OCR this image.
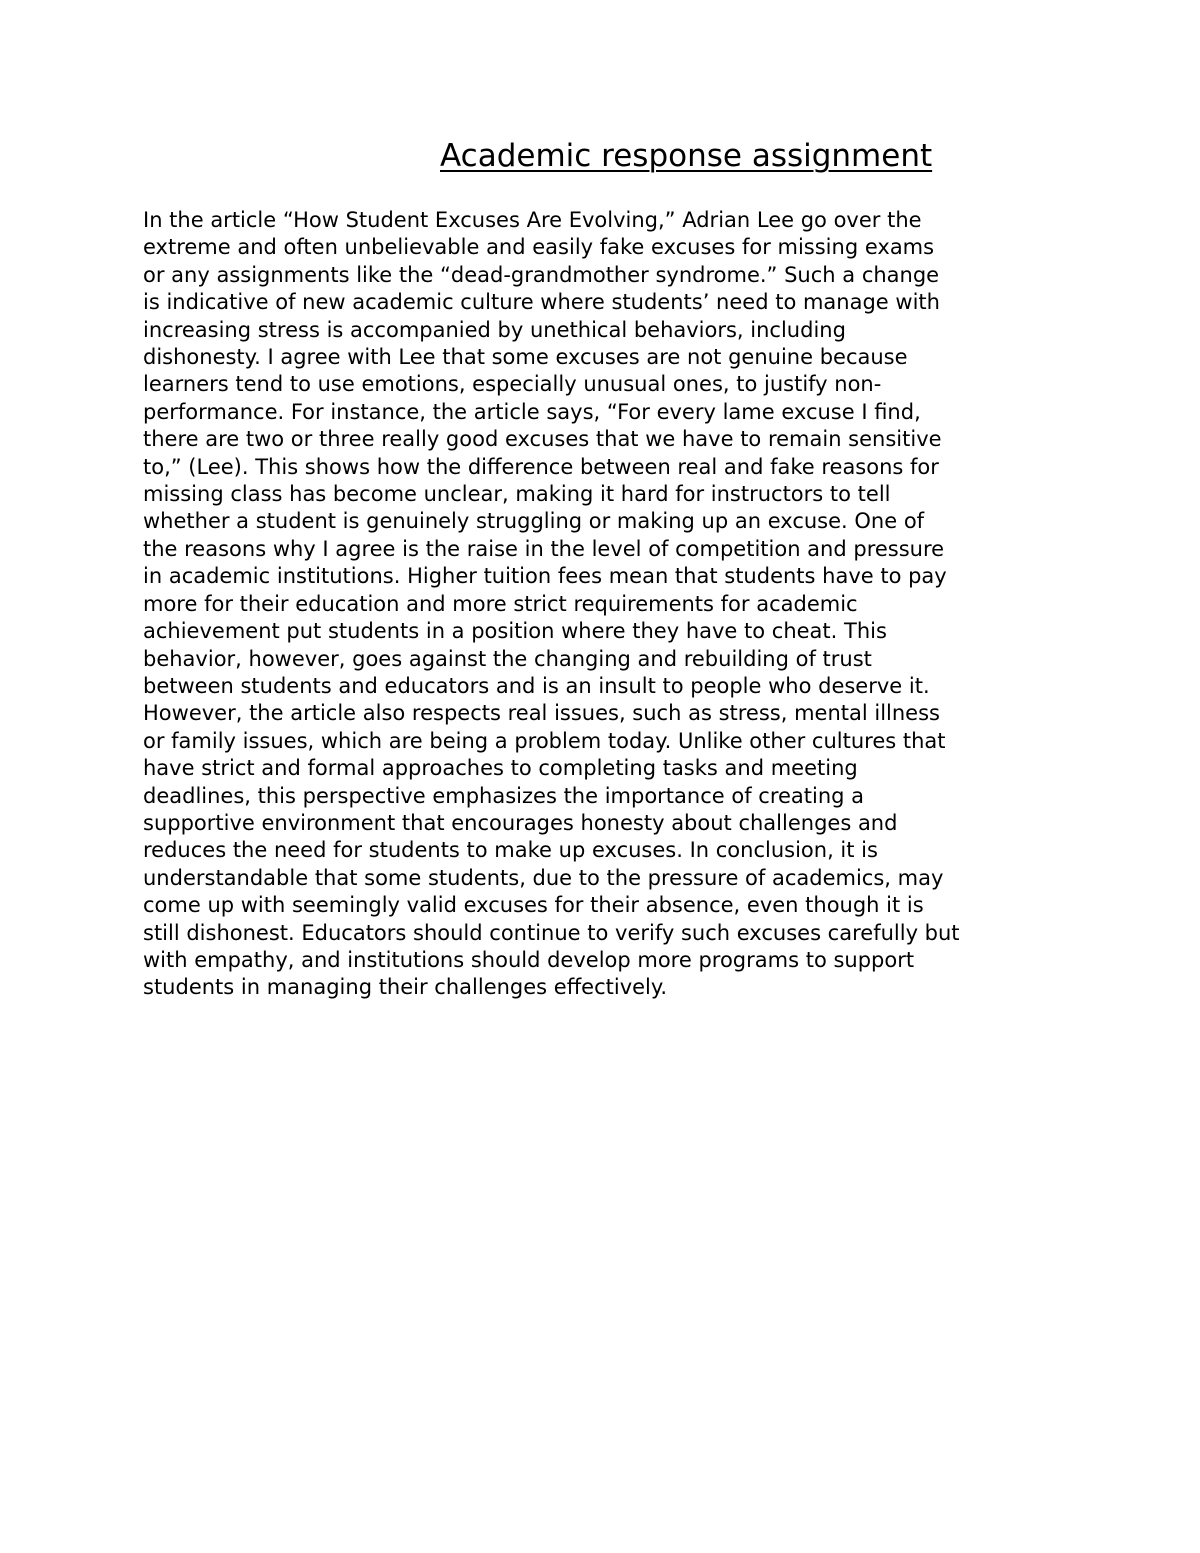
Academic response assignment
In the article “How Student Excuses Are Evolving,” Adrian Lee go over the
extreme and often unbelievable and easily fake excuses for missing exams
or any assignments like the “dead-grandmother syndrome.” Such a change
is indicative of new academic culture where students’ need to manage with
increasing stress is accompanied by unethical behaviors, including
dishonesty. I agree with Lee that some excuses are not genuine because
learners tend to use emotions, especially unusual ones, to justify non-
performance. For instance, the article says, “For every lame excuse I find,
there are two or three really good excuses that we have to remain sensitive
to,” (Lee). This shows how the difference between real and fake reasons for
missing class has become unclear, making it hard for instructors to tell
whether a student is genuinely struggling or making up an excuse. One of
the reasons why I agree is the raise in the level of competition and pressure
in academic institutions. Higher tuition fees mean that students have to pay
more for their education and more strict requirements for academic
achievement put students in a position where they have to cheat. This
behavior, however, goes against the changing and rebuilding of trust
between students and educators and is an insult to people who deserve it.
However, the article also respects real issues, such as stress, mental illness
or family issues, which are being a problem today. Unlike other cultures that
have strict and formal approaches to completing tasks and meeting
deadlines, this perspective emphasizes the importance of creating a
supportive environment that encourages honesty about challenges and
reduces the need for students to make up excuses. In conclusion, it is
understandable that some students, due to the pressure of academics, may
come up with seemingly valid excuses for their absence, even though it is
still dishonest. Educators should continue to verify such excuses carefully but
with empathy, and institutions should develop more programs to support
students in managing their challenges effectively.
